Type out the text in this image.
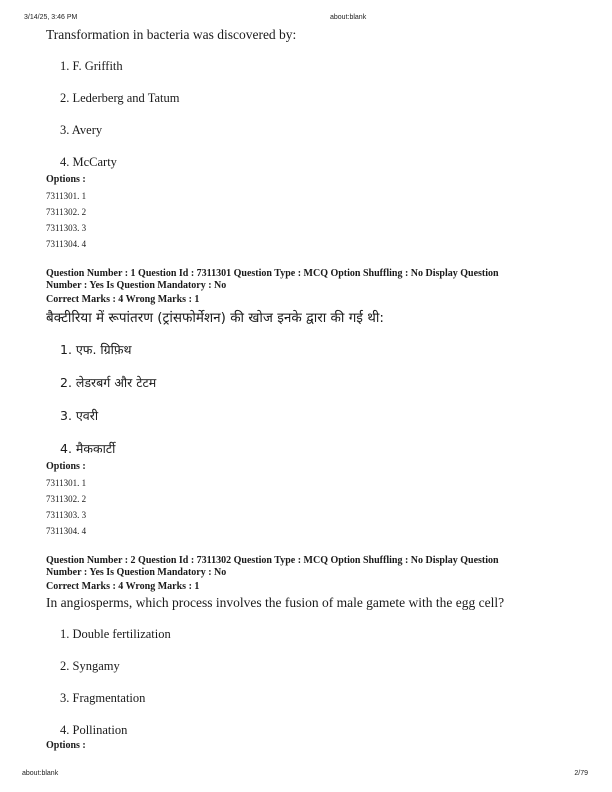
3/14/25, 3:46 PM	about:blank

Transformation in bacteria was discovered by:

1. F. Griffith

2. Lederberg and Tatum

3. Avery

4. McCarty

Options :

7311301. 1

7311302. 2

7311303. 3

7311304. 4

Question Number : 1 Question Id : 7311301 Question Type : MCQ Option Shuffling : No Display Question

Number : Yes Is Question Mandatory : No

Correct Marks : 4 Wrong Marks : 1

बैक्टीरिया में रूपांतरण (ट्रांसफोर्मेशन) की खोज इनके द्वारा की गई थी:

1. एफ. ग्रिफ़िथ

2. लेडरबर्ग और टेटम

3. एवरी

4. मैककार्टी

Options :

7311301. 1

7311302. 2

7311303. 3

7311304. 4

Question Number : 2 Question Id : 7311302 Question Type : MCQ Option Shuffling : No Display Question

Number : Yes Is Question Mandatory : No

Correct Marks : 4 Wrong Marks : 1

In angiosperms, which process involves the fusion of male gamete with the egg cell?

1. Double fertilization

2. Syngamy

3. Fragmentation

4. Pollination

Options :

about:blank	2/79
